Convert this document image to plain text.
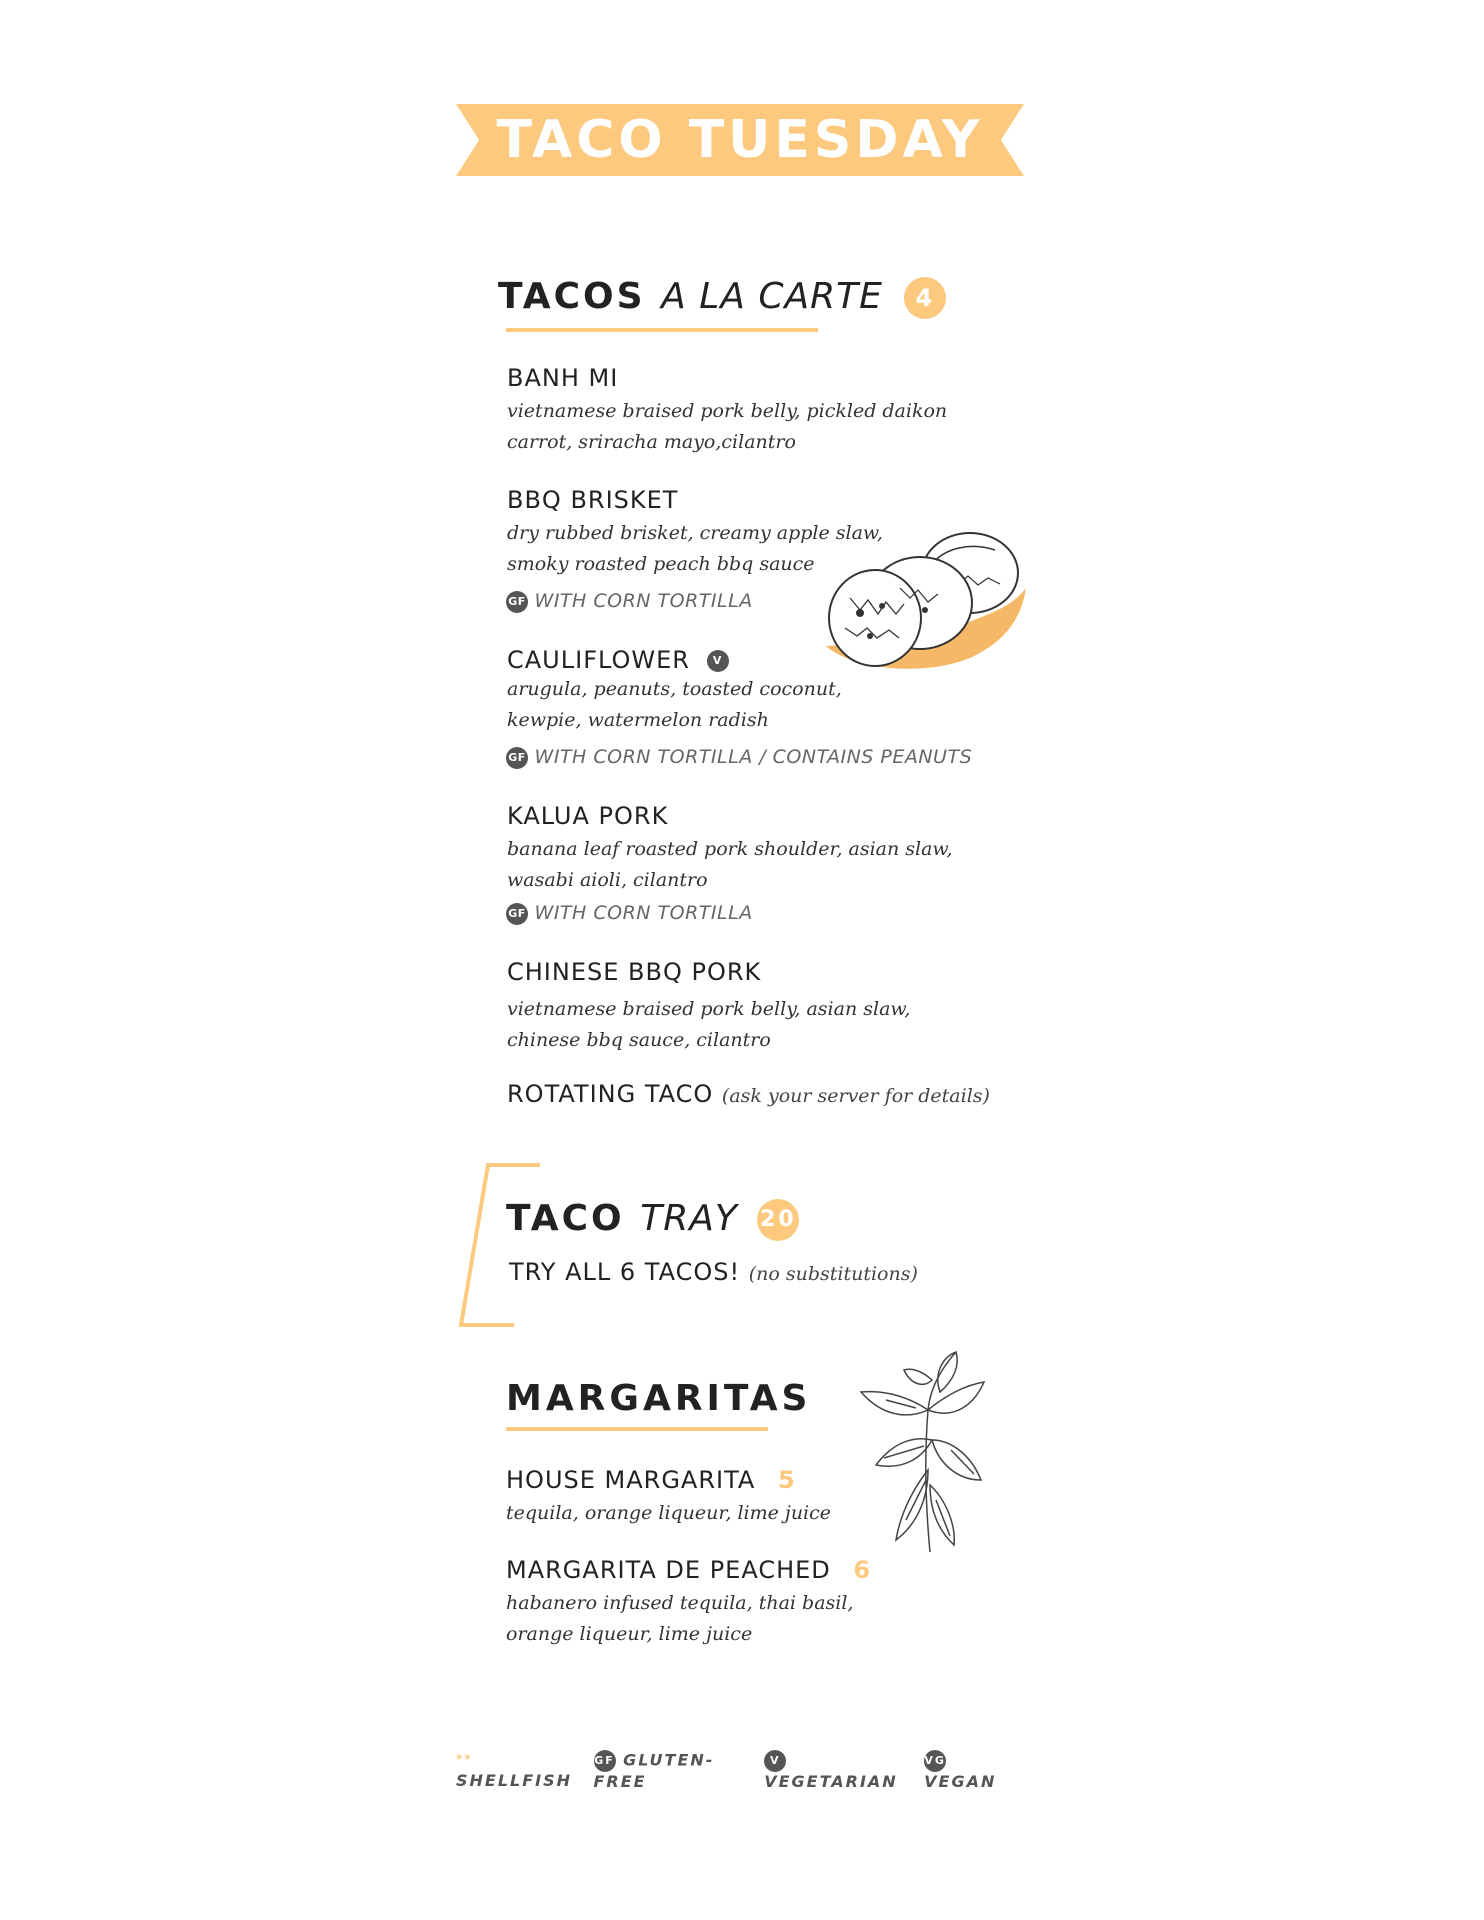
TACO TUESDAY
TACOS A LA CARTE 4
BANH MI
vietnamese braised pork belly, pickled daikon
carrot, sriracha mayo,cilantro
BBQ BRISKET
dry rubbed brisket, creamy apple slaw,
smoky roasted peach bbq sauce
GF WITH CORN TORTILLA
CAULIFLOWER V
arugula, peanuts, toasted coconut,
kewpie, watermelon radish
GF WITH CORN TORTILLA / CONTAINS PEANUTS
KALUA PORK
banana leaf roasted pork shoulder, asian slaw,
wasabi aioli, cilantro
GF WITH CORN TORTILLA
CHINESE BBQ PORK
vietnamese braised pork belly, asian slaw,
chinese bbq sauce, cilantro
ROTATING TACO (ask your server for details)
TACO TRAY 20
TRY ALL 6 TACOS! (no substitutions)
MARGARITAS
HOUSE MARGARITA 5
tequila, orange liqueur, lime juice
MARGARITA DE PEACHED 6
habanero infused tequila, thai basil,
orange liqueur, lime juice
** SHELLFISH
GF GLUTEN-FREE
V VEGETARIAN
VG VEGAN
